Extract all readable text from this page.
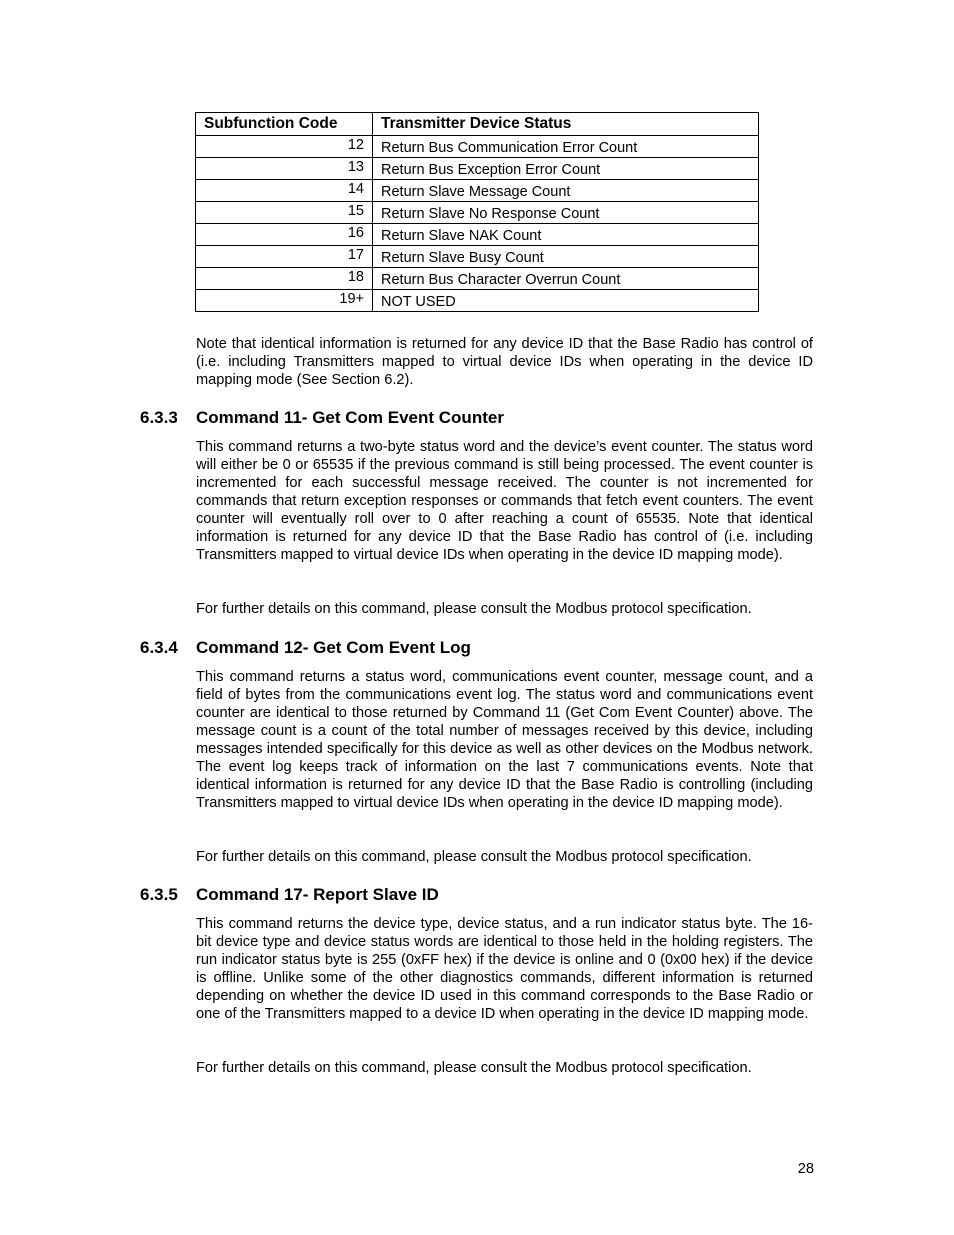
Subfunction Code	Transmitter Device Status
12	Return Bus Communication Error Count
13	Return Bus Exception Error Count
14	Return Slave Message Count
15	Return Slave No Response Count
16	Return Slave NAK Count
17	Return Slave Busy Count
18	Return Bus Character Overrun Count
19+	NOT USED

Note that identical information is returned for any device ID that the Base Radio has control of (i.e. including Transmitters mapped to virtual device IDs when operating in the device ID mapping mode (See Section 6.2).

6.3.3 Command 11- Get Com Event Counter

This command returns a two-byte status word and the device’s event counter. The status word will either be 0 or 65535 if the previous command is still being processed. The event counter is incremented for each successful message received. The counter is not incremented for commands that return exception responses or commands that fetch event counters. The event counter will eventually roll over to 0 after reaching a count of 65535. Note that identical information is returned for any device ID that the Base Radio has control of (i.e. including Transmitters mapped to virtual device IDs when operating in the device ID mapping mode).

For further details on this command, please consult the Modbus protocol specification.

6.3.4 Command 12- Get Com Event Log

This command returns a status word, communications event counter, message count, and a field of bytes from the communications event log. The status word and communications event counter are identical to those returned by Command 11 (Get Com Event Counter) above. The message count is a count of the total number of messages received by this device, including messages intended specifically for this device as well as other devices on the Modbus network. The event log keeps track of information on the last 7 communications events. Note that identical information is returned for any device ID that the Base Radio is controlling (including Transmitters mapped to virtual device IDs when operating in the device ID mapping mode).

For further details on this command, please consult the Modbus protocol specification.

6.3.5 Command 17- Report Slave ID

This command returns the device type, device status, and a run indicator status byte. The 16-bit device type and device status words are identical to those held in the holding registers. The run indicator status byte is 255 (0xFF hex) if the device is online and 0 (0x00 hex) if the device is offline. Unlike some of the other diagnostics commands, different information is returned depending on whether the device ID used in this command corresponds to the Base Radio or one of the Transmitters mapped to a device ID when operating in the device ID mapping mode.

For further details on this command, please consult the Modbus protocol specification.

28
